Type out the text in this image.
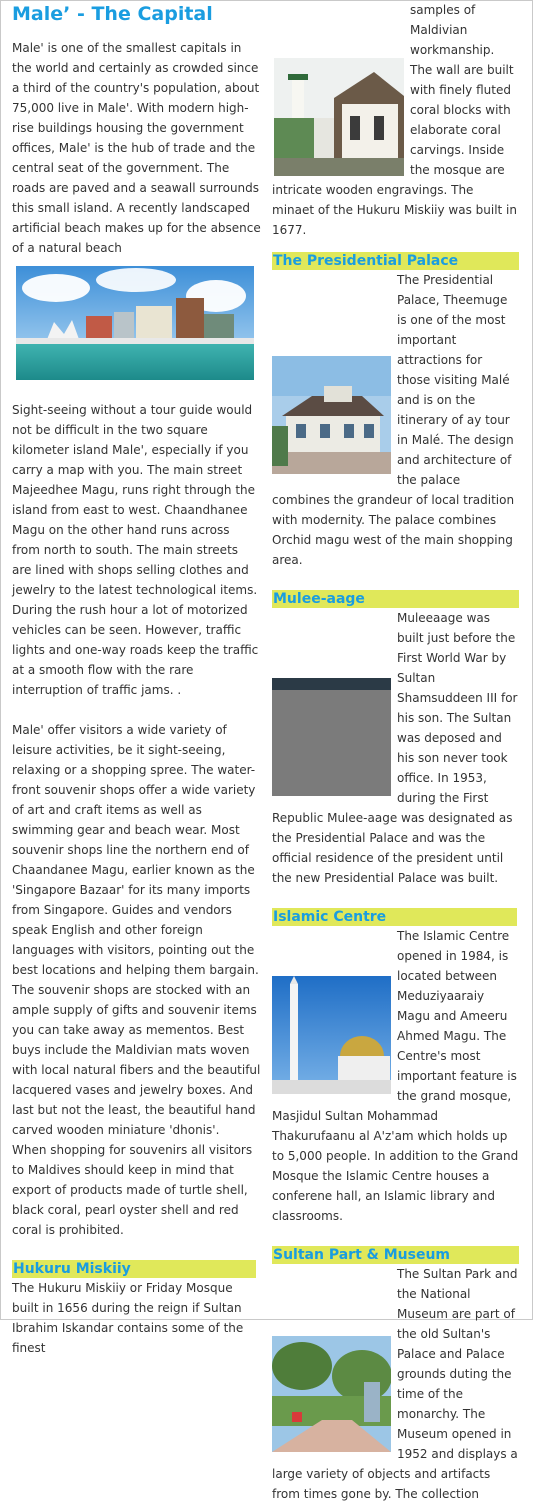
Male’ - The Capital

Male' is one of the smallest capitals in the world and certainly as crowded since a third of the country's population, about 75,000 live in Male'. With modern high-rise buildings housing the government offices, Male' is the hub of trade and the central seat of the government. The roads are paved and a seawall surrounds this small island. A recently landscaped artificial beach makes up for the absence of a natural beach

Sight-seeing without a tour guide would not be difficult in the two square kilometer island Male', especially if you carry a map with you. The main street Majeedhee Magu, runs right through the island from east to west. Chaandhanee Magu on the other hand runs across from north to south. The main streets are lined with shops selling clothes and jewelry to the latest technological items. During the rush hour a lot of motorized vehicles can be seen. However, traffic lights and one-way roads keep the traffic at a smooth flow with the rare interruption of traffic jams. .

Male' offer visitors a wide variety of leisure activities, be it sight-seeing, relaxing or a shopping spree. The water-front souvenir shops offer a wide variety of art and craft items as well as swimming gear and beach wear. Most souvenir shops line the northern end of Chaandanee Magu, earlier known as the 'Singapore Bazaar' for its many imports from Singapore. Guides and vendors speak English and other foreign languages with visitors, pointing out the best locations and helping them bargain. The souvenir shops are stocked with an ample supply of gifts and souvenir items you can take away as mementos. Best buys include the Maldivian mats woven with local natural fibers and the beautiful lacquered vases and jewelry boxes. And last but not the least, the beautiful hand carved wooden miniature 'dhonis'.

When shopping for souvenirs all visitors to Maldives should keep in mind that export of products made of turtle shell, black coral, pearl oyster shell and red coral is prohibited.

Hukuru Miskiiy

The Hukuru Miskiiy or Friday Mosque built in 1656 during the reign if Sultan Ibrahim Iskandar contains some of the finest

samples of Maldivian workmanship. The wall are built with finely fluted coral blocks with elaborate coral carvings. Inside the mosque are intricate wooden engravings. The minaet of the Hukuru Miskiiy was built in 1677.

The Presidential Palace

The Presidential Palace, Theemuge is one of the most important attractions for those visiting Malé and is on the itinerary of ay tour in Malé. The design and architecture of the palace combines the grandeur of local tradition with modernity. The palace combines Orchid magu west of the main shopping area.

Mulee-aage

Muleeaage was built just before the First World War by Sultan Shamsuddeen III for his son. The Sultan was deposed and his son never took office. In 1953, during the First Republic Mulee-aage was designated as the Presidential Palace and was the official residence of the president until the new Presidential Palace was built.

Islamic Centre

The Islamic Centre opened in 1984, is located between Meduziyaaraiy Magu and Ameeru Ahmed Magu. The Centre's most important feature is the grand mosque, Masjidul Sultan Mohammad Thakurufaanu al A'z'am which holds up to 5,000 people. In addition to the Grand Mosque the Islamic Centre houses a conferene hall, an Islamic library and classrooms.

Sultan Part & Museum

The Sultan Park and the National Museum are part of the old Sultan's Palace and Palace grounds duting the time of the monarchy. The Museum opened in 1952 and displays a large variety of objects and artifacts from times gone by. The collection
